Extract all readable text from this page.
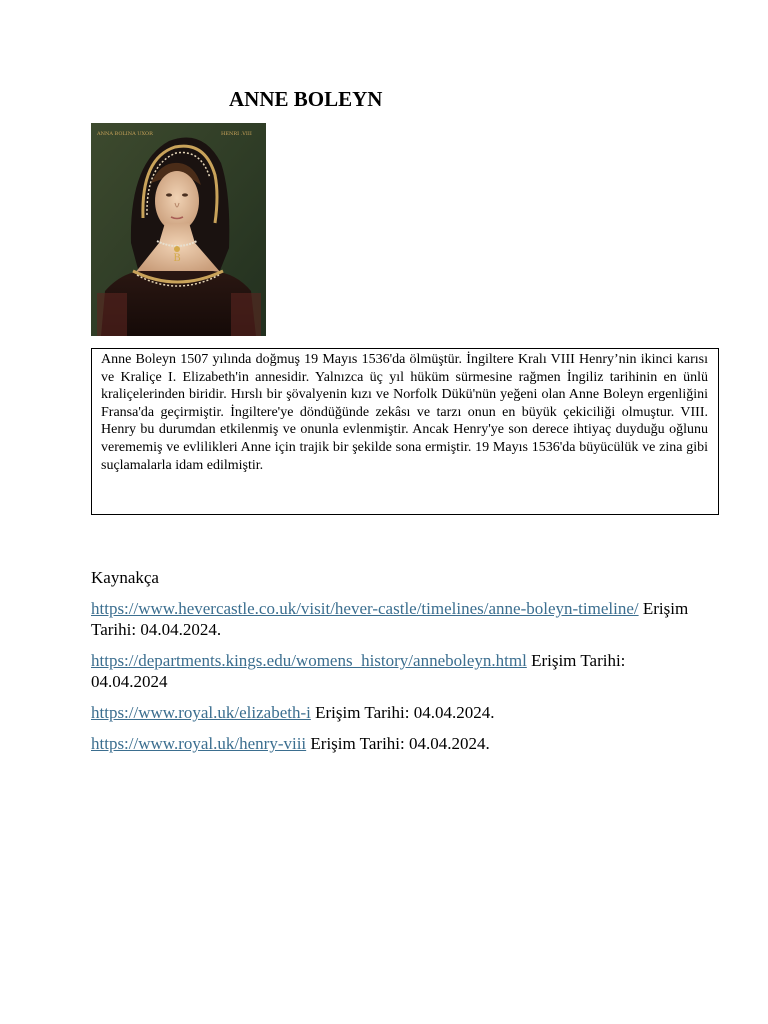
ANNE BOLEYN
B
ANNA BOLINA UXOR	HENRI .VIII

Anne Boleyn 1507 yılında doğmuş 19 Mayıs 1536'da ölmüştür. İngiltere Kralı VIII Henry’nin ikinci karısı ve Kraliçe I. Elizabeth'in annesidir. Yalnızca üç yıl hüküm sürmesine rağmen İngiliz tarihinin en ünlü kraliçelerinden biridir. Hırslı bir şövalyenin kızı ve Norfolk Dükü'nün yeğeni olan Anne Boleyn ergenliğini Fransa'da geçirmiştir. İngiltere'ye döndüğünde zekâsı ve tarzı onun en büyük çekiciliği olmuştur. VIII. Henry bu durumdan etkilenmiş ve onunla evlenmiştir. Ancak Henry'ye son derece ihtiyaç duyduğu oğlunu verememiş ve evlilikleri Anne için trajik bir şekilde sona ermiştir. 19 Mayıs 1536'da büyücülük ve zina gibi suçlamalarla idam edilmiştir.

Kaynakça

https://www.hevercastle.co.uk/visit/hever-castle/timelines/anne-boleyn-timeline/ Erişim Tarihi: 04.04.2024.

https://departments.kings.edu/womens_history/anneboleyn.html Erişim Tarihi: 04.04.2024

https://www.royal.uk/elizabeth-i Erişim Tarihi: 04.04.2024.

https://www.royal.uk/henry-viii Erişim Tarihi: 04.04.2024.
